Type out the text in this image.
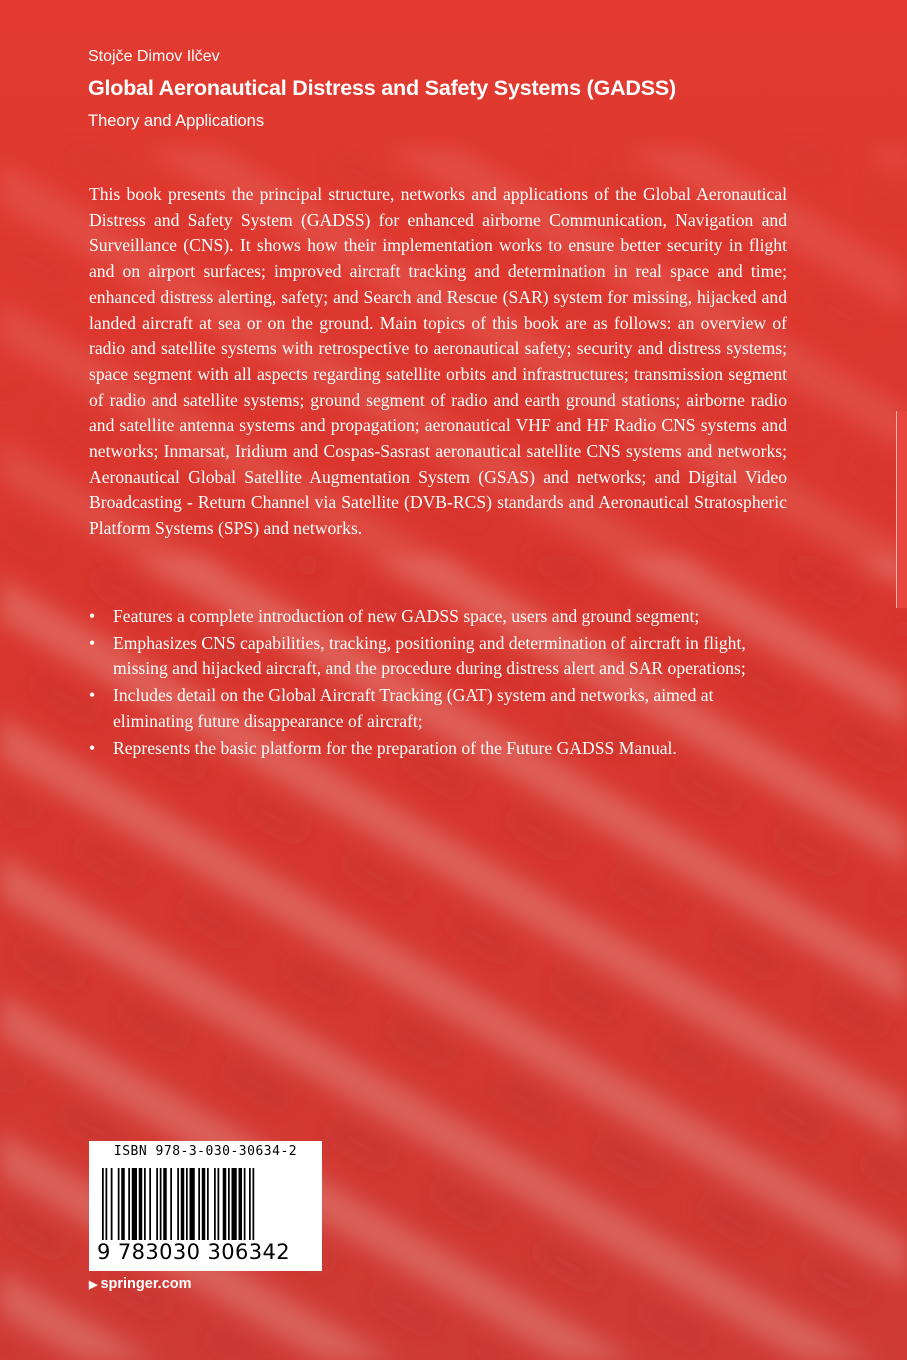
Stojče Dimov Ilčev
Global Aeronautical Distress and Safety Systems (GADSS)
Theory and Applications
This book presents the principal structure, networks and applications of the Global Aeronautical Distress and Safety System (GADSS) for enhanced airborne Communication, Navigation and Surveillance (CNS). It shows how their implementation works to ensure better security in flight and on airport surfaces; improved aircraft tracking and determination in real space and time; enhanced distress alerting, safety; and Search and Rescue (SAR) system for missing, hijacked and landed aircraft at sea or on the ground. Main topics of this book are as follows: an overview of radio and satellite systems with retrospective to aeronautical safety; security and distress systems; space segment with all aspects regarding satellite orbits and infrastructures; transmission segment of radio and satellite systems; ground segment of radio and earth ground stations; airborne radio and satellite antenna systems and propagation; aeronautical VHF and HF Radio CNS systems and networks; Inmarsat, Iridium and Cospas-Sasrast aeronautical satellite CNS systems and networks; Aeronautical Global Satellite Augmentation System (GSAS) and networks; and Digital Video Broadcasting - Return Channel via Satellite (DVB-RCS) standards and Aeronautical Stratospheric Platform Systems (SPS) and networks.
• Features a complete introduction of new GADSS space, users and ground segment;
• Emphasizes CNS capabilities, tracking, positioning and determination of aircraft in flight, missing and hijacked aircraft, and the procedure during distress alert and SAR operations;
• Includes detail on the Global Aircraft Tracking (GAT) system and networks, aimed at eliminating future disappearance of aircraft;
• Represents the basic platform for the preparation of the Future GADSS Manual.
ISBN 978-3-030-30634-2
9 783030 306342
▶ springer.com
